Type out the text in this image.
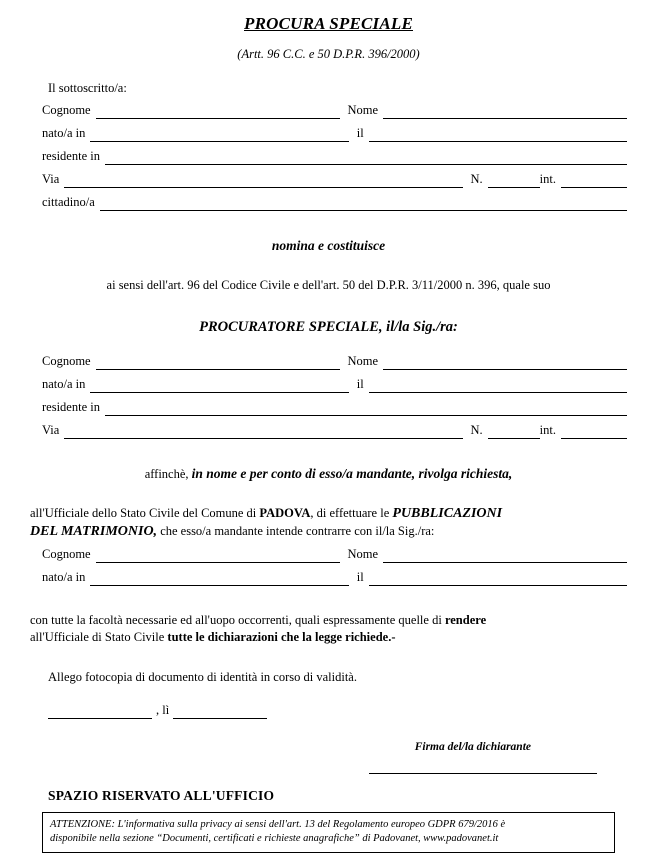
PROCURA SPECIALE
(Artt. 96 C.C. e 50 D.P.R. 396/2000)
Il sottoscritto/a:
Cognome	Nome
nato/a in	il
residente in
Via	N.	int.
cittadino/a
nomina e costituisce
ai sensi dell'art. 96 del Codice Civile e dell'art. 50 del D.P.R. 3/11/2000 n. 396, quale suo
PROCURATORE SPECIALE, il/la Sig./ra:
Cognome	Nome
nato/a in	il
residente in
Via	N.	int.
affinchè, in nome e per conto di esso/a mandante, rivolga richiesta,
all'Ufficiale dello Stato Civile del Comune di PADOVA, di effettuare le PUBBLICAZIONI
DEL MATRIMONIO, che esso/a mandante intende contrarre con il/la Sig./ra:
Cognome	Nome
nato/a in	il
con tutte la facoltà necessarie ed all'uopo occorrenti, quali espressamente quelle di rendere
all'Ufficiale di Stato Civile tutte le dichiarazioni che la legge richiede.-
Allego fotocopia di documento di identità in corso di validità.
, lì
Firma del/la dichiarante
SPAZIO RISERVATO ALL'UFFICIO
ATTENZIONE: L'informativa sulla privacy ai sensi dell'art. 13 del Regolamento europeo GDPR 679/2016 è
disponibile nella sezione “Documenti, certificati e richieste anagrafiche” di Padovanet, www.padovanet.it
